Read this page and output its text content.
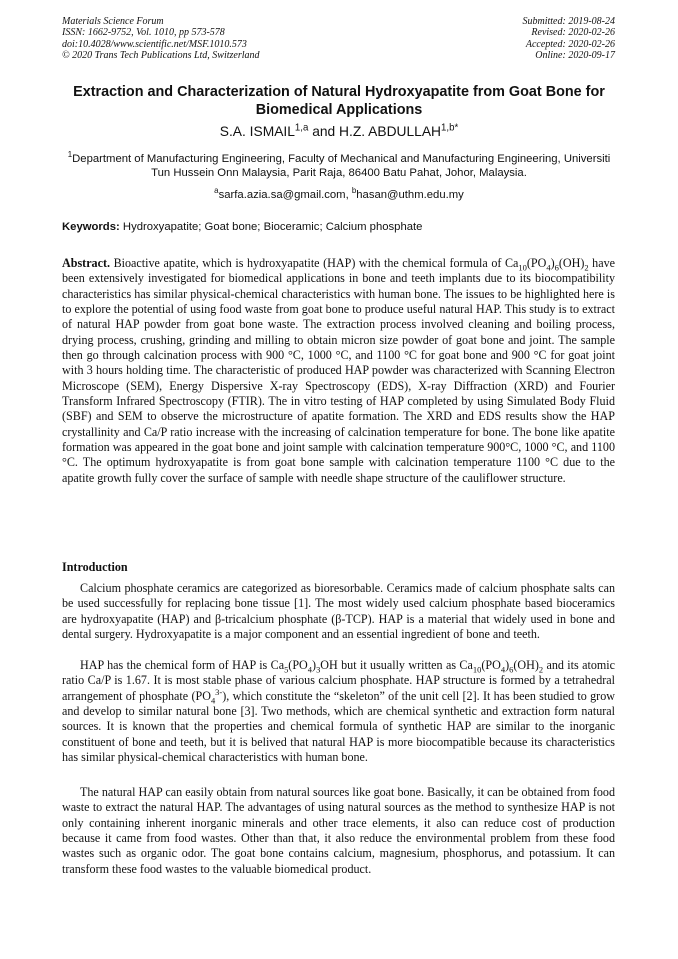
Materials Science Forum
ISSN: 1662-9752, Vol. 1010, pp 573-578
doi:10.4028/www.scientific.net/MSF.1010.573
© 2020 Trans Tech Publications Ltd, Switzerland
Submitted: 2019-08-24
Revised: 2020-02-26
Accepted: 2020-02-26
Online: 2020-09-17
Extraction and Characterization of Natural Hydroxyapatite from Goat Bone for Biomedical Applications
S.A. ISMAIL$^{1,a}$ and H.Z. $ABDULLAH^{1,b*}$
$^1$Department of Manufacturing Engineering, Faculty of Mechanical and Manufacturing Engineering, Universiti Tun Hussein Onn Malaysia, Parit Raja, 86400 Batu Pahat, Johor, Malaysia.
$^a$sarfa.azia.sa@gmail.com, $^b$hasan@uthm.edu.my
Keywords: Hydroxyapatite; Goat bone; Bioceramic; Calcium phosphate
Abstract. Bioactive apatite, which is hydroxyapatite (HAP) with the chemical formula of $Ca_{10}(PO_4)_6(OH)_2$ have been extensively investigated for biomedical applications in bone and teeth implants due to its biocompatibility characteristics has similar physical-chemical characteristics with human bone. The issues to be highlighted here is to explore the potential of using food waste from goat bone to produce useful natural HAP. This study is to extract of natural HAP powder from goat bone waste. The extraction process involved cleaning and boiling process, drying process, crushing, grinding and milling to obtain micron size powder of goat bone and joint. The sample then go through calcination process with 900 °C, 1000 °C, and 1100 °C for goat bone and 900 °C for goat joint with 3 hours holding time. The characteristic of produced HAP powder was characterized with Scanning Electron Microscope (SEM), Energy Dispersive X-ray Spectroscopy (EDS), X-ray Diffraction (XRD) and Fourier Transform Infrared Spectroscopy (FTIR). The in vitro testing of HAP completed by using Simulated Body Fluid (SBF) and SEM to observe the microstructure of apatite formation. The XRD and EDS results show the HAP crystallinity and Ca/P ratio increase with the increasing of calcination temperature for bone. The bone like apatite formation was appeared in the goat bone and joint sample with calcination temperature 900°C, 1000 °C, and 1100 °C. The optimum hydroxyapatite is from goat bone sample with calcination temperature 1100 °C due to the apatite growth fully cover the surface of sample with needle shape structure of the cauliflower structure.
Introduction
Calcium phosphate ceramics are categorized as bioresorbable. Ceramics made of calcium phosphate salts can be used successfully for replacing bone tissue [1]. The most widely used calcium phosphate based bioceramics are hydroxyapatite (HAP) and β-tricalcium phosphate (β-TCP). HAP is a material that widely used in bone and dental surgery. Hydroxyapatite is a major component and an essential ingredient of bone and teeth.
HAP has the chemical form of HAP is $Ca_5(PO_4)_3OH$ but it usually written as $Ca_{10}(PO_4)_6(OH)_2$ and its atomic ratio Ca/P is 1.67. It is most stable phase of various calcium phosphate. HAP structure is formed by a tetrahedral arrangement of phosphate $(PO_4^{3-})$, which constitute the “skeleton” of the unit cell [2]. It has been studied to grow and develop to similar natural bone [3]. Two methods, which are chemical synthetic and extraction form natural sources. It is known that the properties and chemical formula of synthetic HAP are similar to the inorganic constituent of bone and teeth, but it is belived that natural HAP is more biocompatible because its characteristics has similar physical-chemical characteristics with human bone.
The natural HAP can easily obtain from natural sources like goat bone. Basically, it can be obtained from food waste to extract the natural HAP. The advantages of using natural sources as the method to synthesize HAP is not only containing inherent inorganic minerals and other trace elements, it also can reduce cost of production because it came from food wastes. Other than that, it also reduce the environmental problem from these food wastes such as organic odor. The goat bone contains calcium, magnesium, phosphorus, and potassium. It can transform these food wastes to the valuable biomedical product.
